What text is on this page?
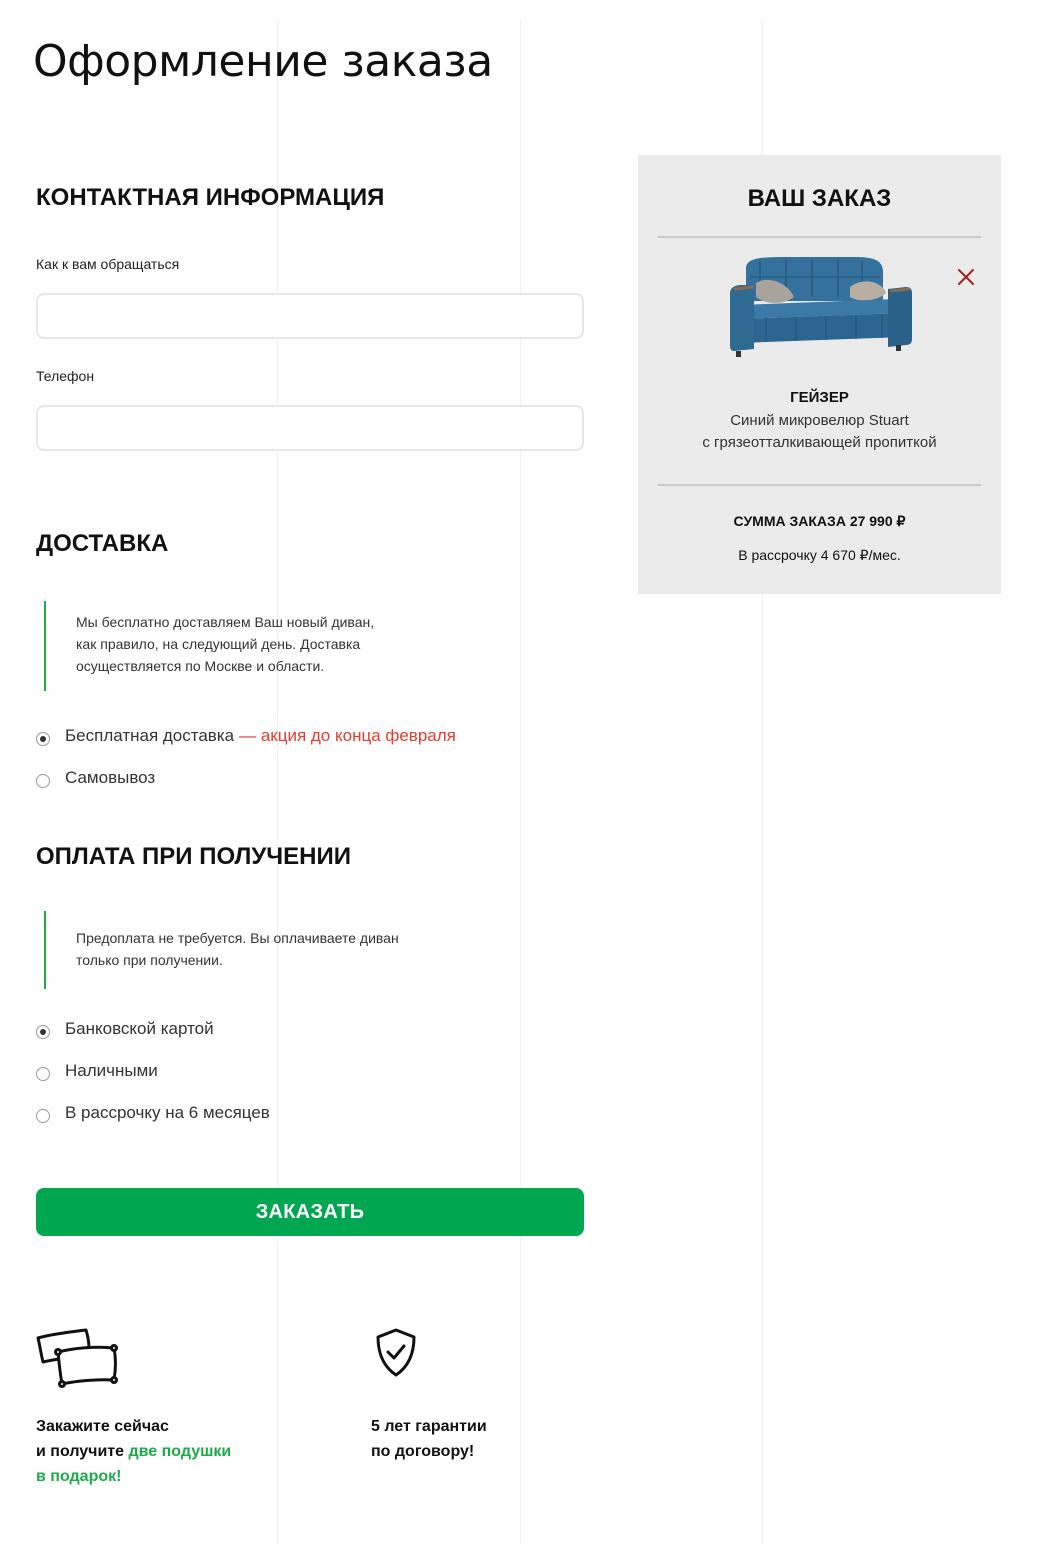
Оформление заказа
КОНТАКТНАЯ ИНФОРМАЦИЯ
Как к вам обращаться
Телефон
ДОСТАВКА
Мы бесплатно доставляем Ваш новый диван,
как правило, на следующий день. Доставка
осуществляется по Москве и области.
Бесплатная доставка — акция до конца февраля
Самовывоз
ОПЛАТА ПРИ ПОЛУЧЕНИИ
Предоплата не требуется. Вы оплачиваете диван
только при получении.
Банковской картой
Наличными
В рассрочку на 6 месяцев
ЗАКАЗАТЬ
Закажите сейчас
и получите две подушки
в подарок!
5 лет гарантии
по договору!
ВАШ ЗАКАЗ
ГЕЙЗЕР
Синий микровелюр Stuart
с грязеотталкивающей пропиткой
СУММА ЗАКАЗА 27 990 ₽
В рассрочку 4 670 ₽/мес.
